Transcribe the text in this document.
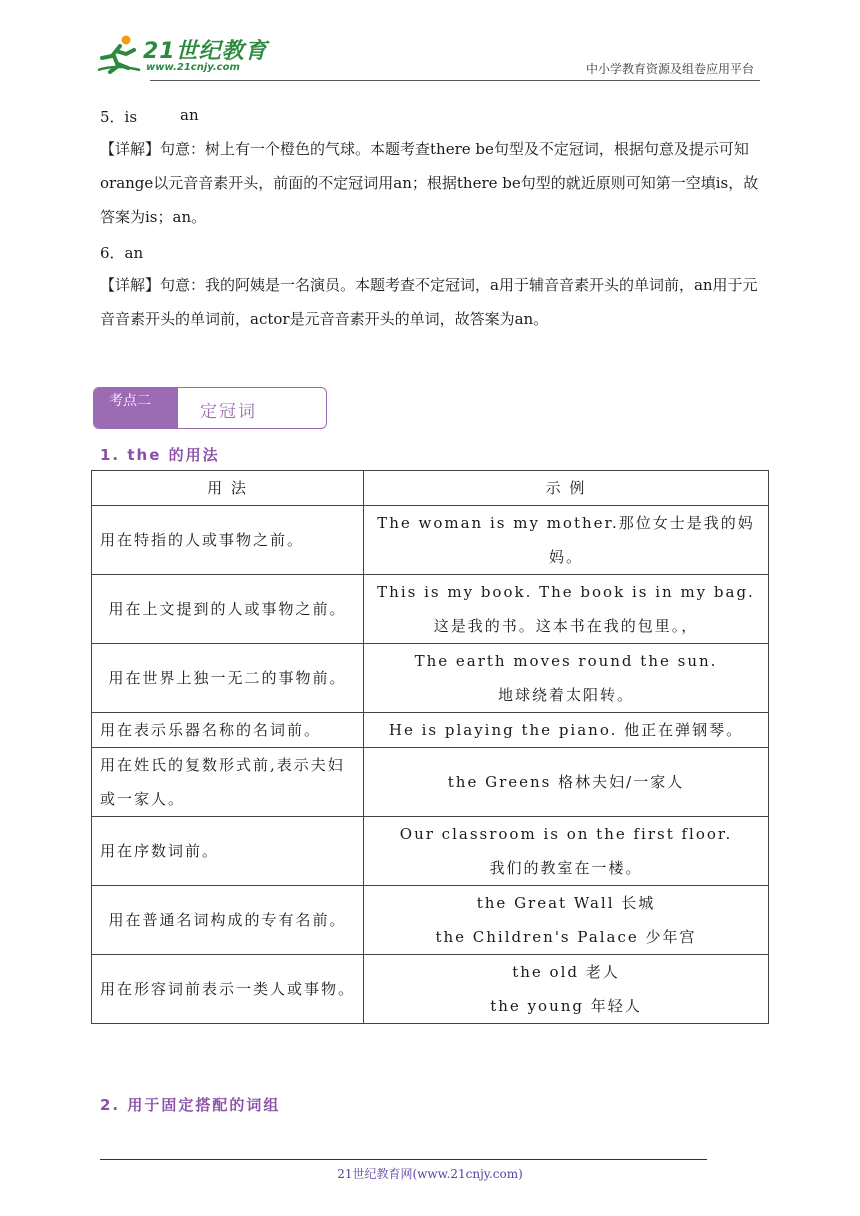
21世纪教育
www.21cnjy.com	中小学教育资源及组卷应用平台
5．is	an
【详解】句意：树上有一个橙色的气球。本题考查there be句型及不定冠词，根据句意及提示可知orange以元音音素开头，前面的不定冠词用an；根据there be句型的就近原则可知第一空填is，故答案为is；an。
6．an
【详解】句意：我的阿姨是一名演员。本题考查不定冠词，a用于辅音音素开头的单词前，an用于元音音素开头的单词前，actor是元音音素开头的单词，故答案为an。
考点二
定冠词
1. the 的用法
用 法	示 例
用在特指的人或事物之前。	The woman is my mother.那位女士是我的妈妈。

用在上文提到的人或事物之前。	This is my book. The book is in my bag.
这是我的书。这本书在我的包里。，

用在世界上独一无二的事物前。	The earth moves round the sun.
地球绕着太阳转。

用在表示乐器名称的名词前。	He is playing the piano. 他正在弹钢琴。

用在姓氏的复数形式前,表示夫妇或一家人。	the Greens 格林夫妇/一家人

用在序数词前。	Our classroom is on the first floor.
我们的教室在一楼。

用在普通名词构成的专有名前。	the Great Wall 长城
the Children's Palace 少年宫

用在形容词前表示一类人或事物。	the old 老人
the young 年轻人
2. 用于固定搭配的词组
21世纪教育网(www.21cnjy.com)
